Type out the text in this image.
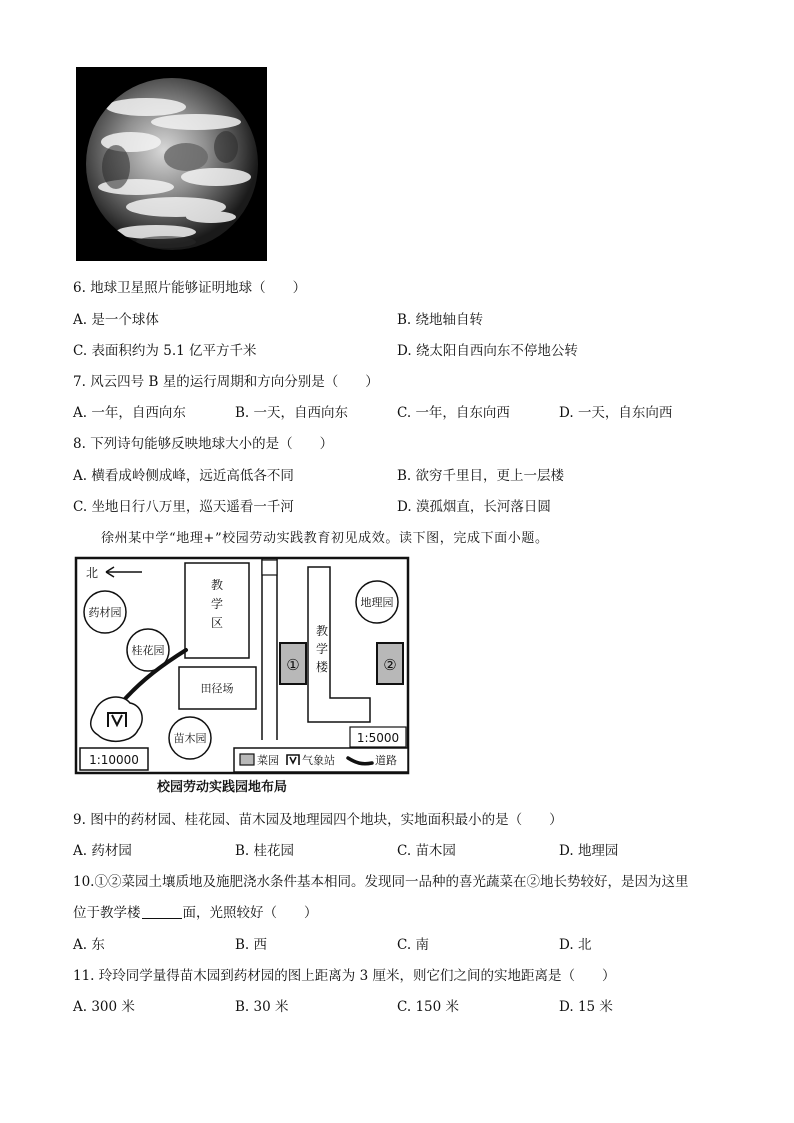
6. 地球卫星照片能够证明地球（　　）
A. 是一个球体	B. 绕地轴自转
C. 表面积约为 5.1 亿平方千米	D. 绕太阳自西向东不停地公转
7. 风云四号 B 星的运行周期和方向分别是（　　）
A. 一年，自西向东	B. 一天，自西向东	C. 一年，自东向西	D. 一天，自东向西
8. 下列诗句能够反映地球大小的是（　　）
A. 横看成岭侧成峰，远近高低各不同	B. 欲穷千里目，更上一层楼
C. 坐地日行八万里，巡天遥看一千河	D. 漠孤烟直，长河落日圆
徐州某中学“地理+”校园劳动实践教育初见成效。读下图，完成下面小题。
北
教
学
区
药材园
桂花园
田径场
苗木园
教
学
楼
①	②
地理园
1:10000
1:5000
菜园 气象站	道路
校园劳动实践园地布局
9. 图中的药材园、桂花园、苗木园及地理园四个地块，实地面积最小的是（　　）
A. 药材园	B. 桂花园	C. 苗木园	D. 地理园
10.①②菜园土壤质地及施肥浇水条件基本相同。发现同一品种的喜光蔬菜在②地长势较好，是因为这里
位于教学楼	面，光照较好（　　）
A. 东	B. 西	C. 南	D. 北
11. 玲玲同学量得苗木园到药材园的图上距离为 3 厘米，则它们之间的实地距离是（　　）
A. 300 米	B. 30 米	C. 150 米	D. 15 米
